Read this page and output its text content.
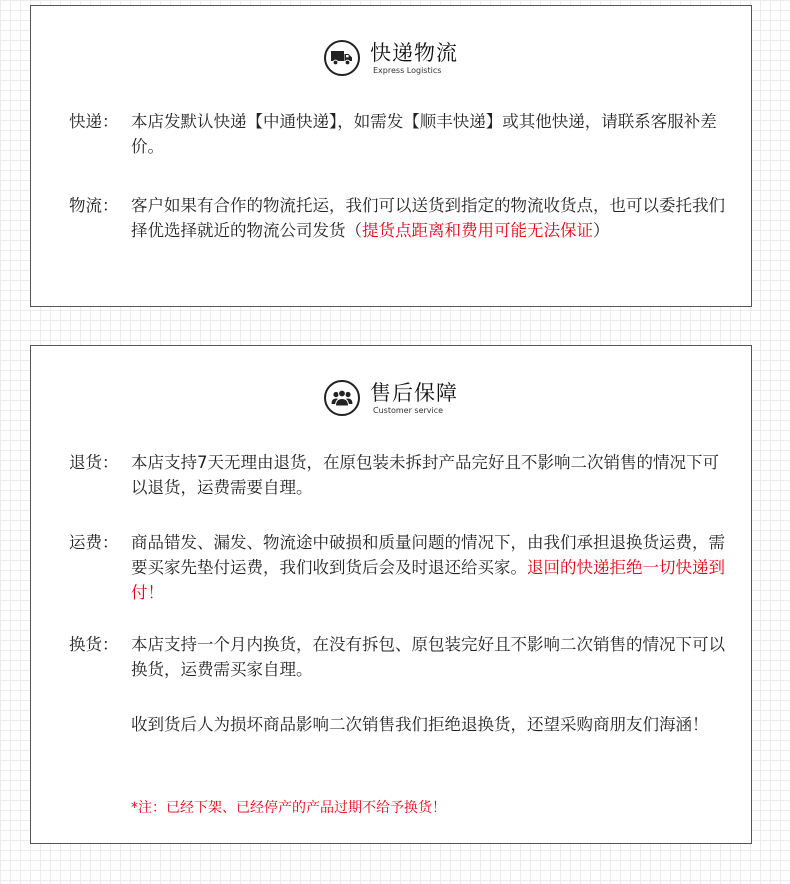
快递物流
Express Logistics
快递： 本店发默认快递【中通快递】，如需发【顺丰快递】或其他快递，请联系客服补差价。
物流： 客户如果有合作的物流托运，我们可以送货到指定的物流收货点，也可以委托我们择优选择就近的物流公司发货（提货点距离和费用可能无法保证）
售后保障
Customer service
退货： 本店支持7天无理由退货，在原包装未拆封产品完好且不影响二次销售的情况下可以退货，运费需要自理。
运费： 商品错发、漏发、物流途中破损和质量问题的情况下，由我们承担退换货运费，需要买家先垫付运费，我们收到货后会及时退还给买家。退回的快递拒绝一切快递到付！
换货： 本店支持一个月内换货，在没有拆包、原包装完好且不影响二次销售的情况下可以换货，运费需买家自理。
收到货后人为损坏商品影响二次销售我们拒绝退换货，还望采购商朋友们海涵！
*注：已经下架、已经停产的产品过期不给予换货！
